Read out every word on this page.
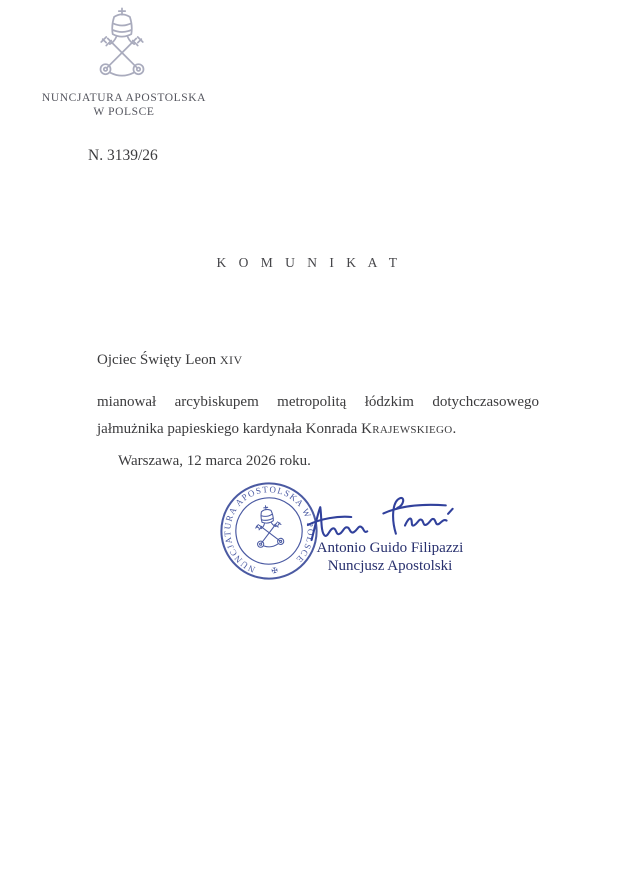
NUNCJATURA APOSTOLSKA
W POLSCE
N. 3139/26
K O M U N I K A T

Ojciec Święty Leon XIV

mianował arcybiskupem metropolitą łódzkim dotychczasowego jałmużnika papieskiego kardynała Konrada Krajewskiego.

Warszawa, 12 marca 2026 roku.

NUNCJATURA APOSTOLSKA W POLSCE
✠
Antonio Guido Filipazzi
Nuncjusz Apostolski
